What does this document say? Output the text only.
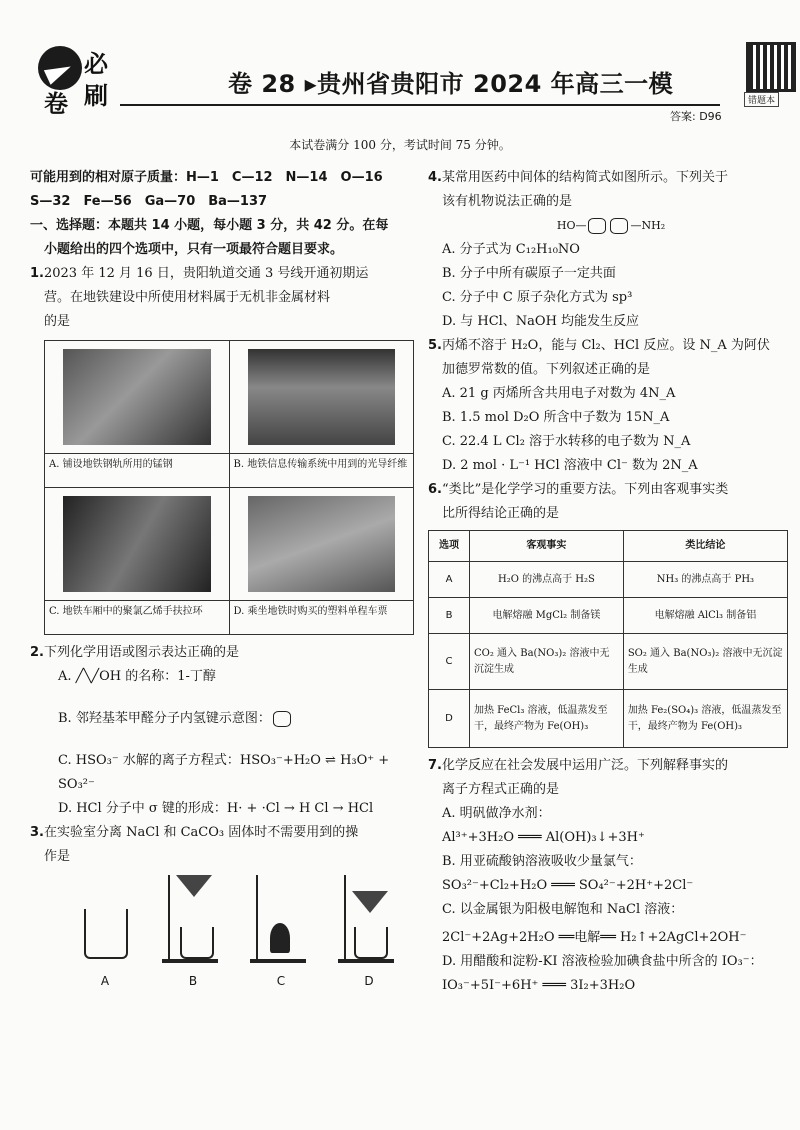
必
卷 刷	卷 28 ▸贵州省贵阳市 2024 年高三一模
错题本
答案: D96
本试卷满分 100 分，考试时间 75 分钟。

可能用到的相对原子质量：H—1　C—12　N—14　O—16

S—32　Fe—56　Ga—70　Ba—137

一、选择题：本题共 14 小题，每小题 3 分，共 42 分。在每

小题给出的四个选项中，只有一项最符合题目要求。

1.2023 年 12 月 16 日，贵阳轨道交通 3 号线开通初期运

营。在地铁建设中所使用材料属于无机非金属材料

的是

A. 铺设地铁钢轨所用的锰钢	B. 地铁信息传输系统中用到的光导纤维

C. 地铁车厢中的聚氯乙烯手扶拉环	D. 乘坐地铁时购买的塑料单程车票

2.下列化学用语或图示表达正确的是

A. ╱╲╱OH 的名称：1-丁醇

B. 邻羟基苯甲醛分子内氢键示意图：

C. HSO₃⁻ 水解的离子方程式：HSO₃⁻+H₂O ⇌ H₃O⁺ +

SO₃²⁻

D. HCl 分子中 σ 键的形成：H· + ·Cl → H Cl → HCl

3.在实验室分离 NaCl 和 CaCO₃ 固体时不需要用到的操

作是

A	B	C	D

4.某常用医药中间体的结构简式如图所示。下列关于

该有机物说法正确的是

HO—	—NH₂

A. 分子式为 C₁₂H₁₀NO

B. 分子中所有碳原子一定共面

C. 分子中 C 原子杂化方式为 sp³

D. 与 HCl、NaOH 均能发生反应

5.丙烯不溶于 H₂O，能与 Cl₂、HCl 反应。设 N_A 为阿伏

加德罗常数的值。下列叙述正确的是

A. 21 g 丙烯所含共用电子对数为 4N_A

B. 1.5 mol D₂O 所含中子数为 15N_A

C. 22.4 L Cl₂ 溶于水转移的电子数为 N_A

D. 2 mol · L⁻¹ HCl 溶液中 Cl⁻ 数为 2N_A

6.“类比”是化学学习的重要方法。下列由客观事实类

比所得结论正确的是

选项	客观事实	类比结论
A	H₂O 的沸点高于 H₂S	NH₃ 的沸点高于 PH₃
B	电解熔融 MgCl₂ 制备镁	电解熔融 AlCl₃ 制备铝
C	CO₂ 通入 Ba(NO₃)₂ 溶液中无沉淀生成	SO₂ 通入 Ba(NO₃)₂ 溶液中无沉淀生成
D	加热 FeCl₃ 溶液，低温蒸发至干，最终产物为 Fe(OH)₃	加热 Fe₂(SO₄)₃ 溶液，低温蒸发至干，最终产物为 Fe(OH)₃

7.化学反应在社会发展中运用广泛。下列解释事实的

离子方程式正确的是

A. 明矾做净水剂：

Al³⁺+3H₂O ═══ Al(OH)₃↓+3H⁺

B. 用亚硫酸钠溶液吸收少量氯气：

SO₃²⁻+Cl₂+H₂O ═══ SO₄²⁻+2H⁺+2Cl⁻

C. 以金属银为阳极电解饱和 NaCl 溶液：

2Cl⁻+2Ag+2H₂O ══电解══ H₂↑+2AgCl+2OH⁻

D. 用醋酸和淀粉-KI 溶液检验加碘食盐中所含的 IO₃⁻：

IO₃⁻+5I⁻+6H⁺ ═══ 3I₂+3H₂O
